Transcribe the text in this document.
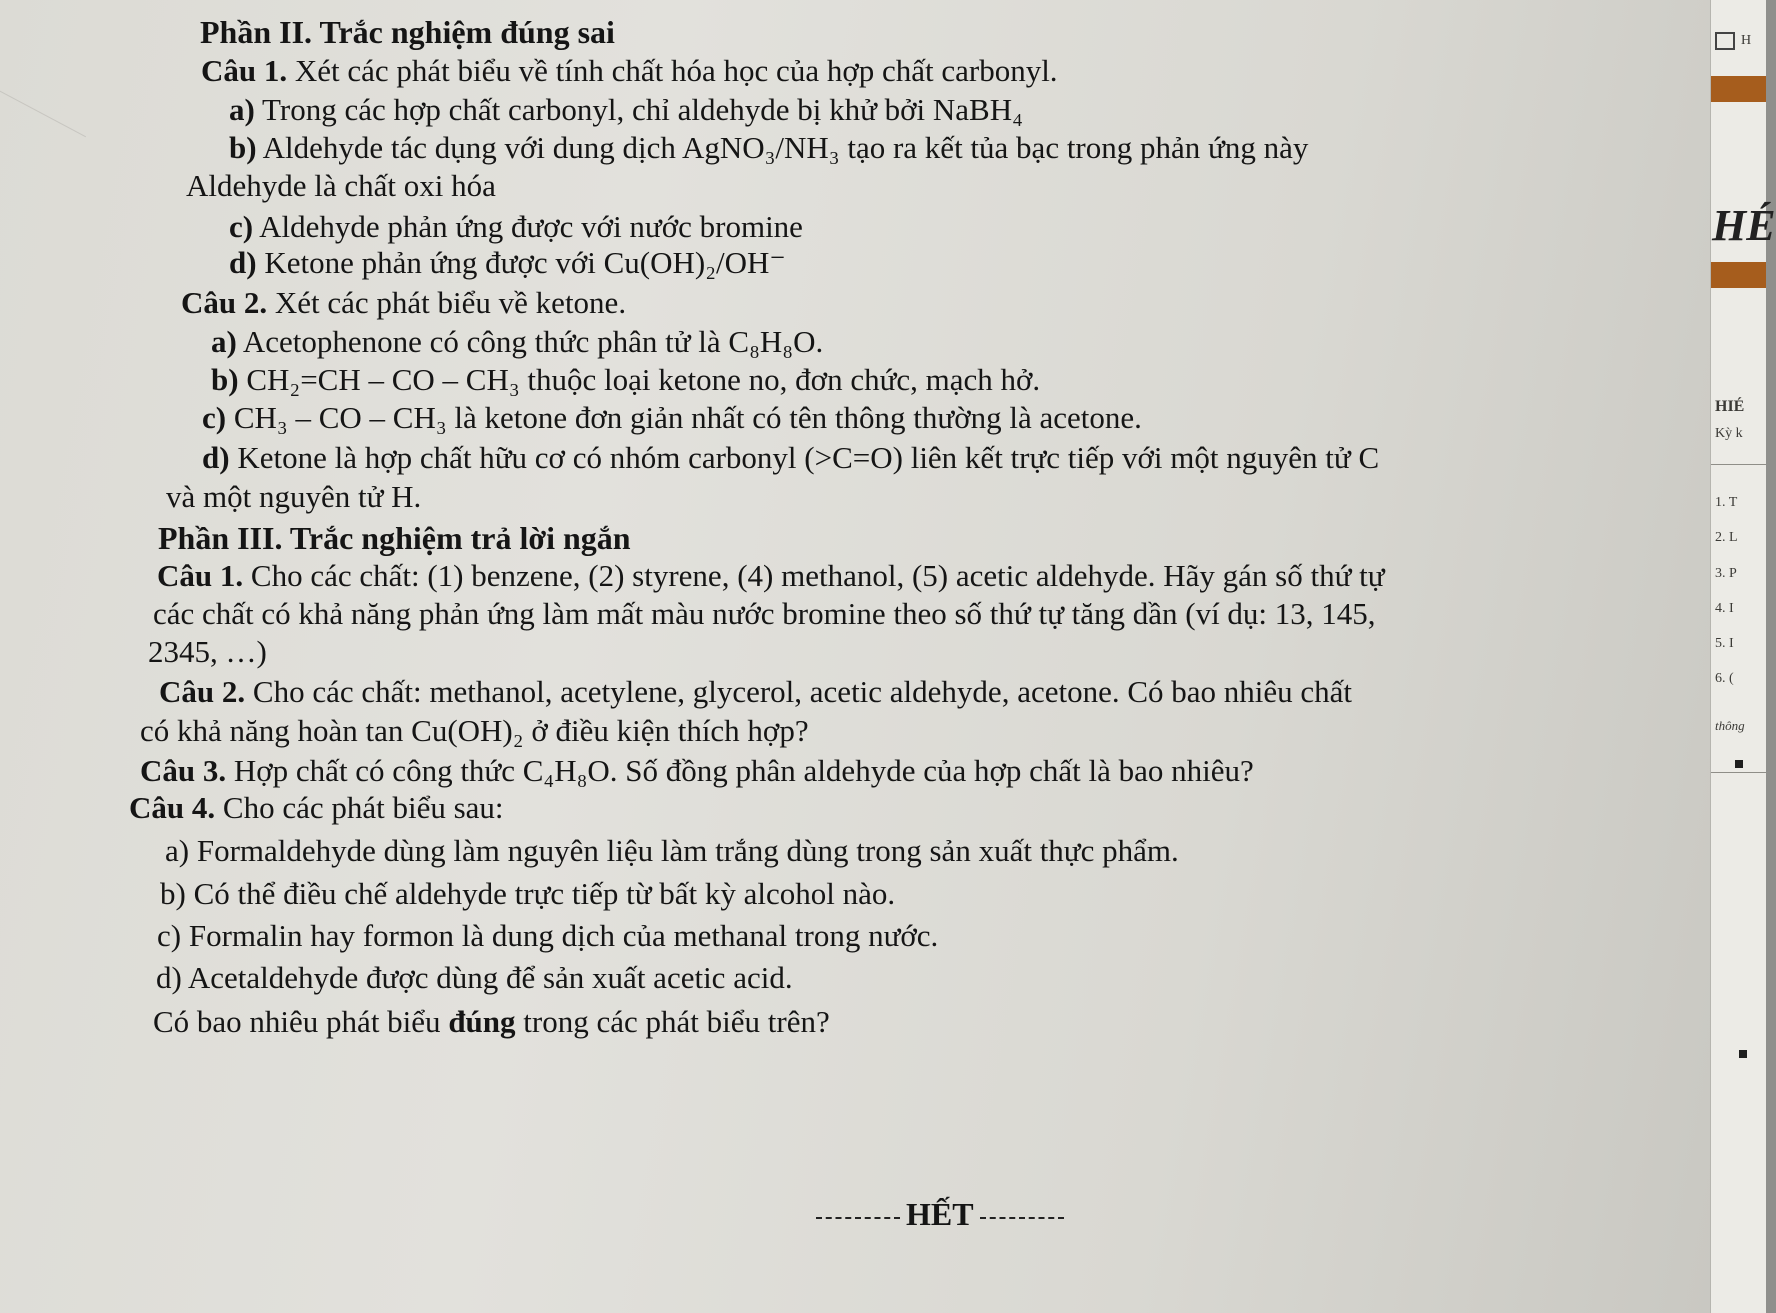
Phần II. Trắc nghiệm đúng sai
Câu 1. Xét các phát biểu về tính chất hóa học của hợp chất carbonyl.
a) Trong các hợp chất carbonyl, chỉ aldehyde bị khử bởi NaBH₄
b) Aldehyde tác dụng với dung dịch AgNO₃/NH₃ tạo ra kết tủa bạc trong phản ứng này
Aldehyde là chất oxi hóa
c) Aldehyde phản ứng được với nước bromine
d) Ketone phản ứng được với Cu(OH)₂/OH⁻
Câu 2. Xét các phát biểu về ketone.
a) Acetophenone có công thức phân tử là C₈H₈O.
b) CH₂=CH – CO – CH₃ thuộc loại ketone no, đơn chức, mạch hở.
c) CH₃ – CO – CH₃ là ketone đơn giản nhất có tên thông thường là acetone.
d) Ketone là hợp chất hữu cơ có nhóm carbonyl (>C=O) liên kết trực tiếp với một nguyên tử C
và một nguyên tử H.
Phần III. Trắc nghiệm trả lời ngắn
Câu 1. Cho các chất: (1) benzene, (2) styrene, (4) methanol, (5) acetic aldehyde. Hãy gán số thứ tự
các chất có khả năng phản ứng làm mất màu nước bromine theo số thứ tự tăng dần (ví dụ: 13, 145,
2345, …)
Câu 2. Cho các chất: methanol, acetylene, glycerol, acetic aldehyde, acetone. Có bao nhiêu chất
có khả năng hoàn tan Cu(OH)₂ ở điều kiện thích hợp?
Câu 3. Hợp chất có công thức C₄H₈O. Số đồng phân aldehyde của hợp chất là bao nhiêu?
Câu 4. Cho các phát biểu sau:
a) Formaldehyde dùng làm nguyên liệu làm trắng dùng trong sản xuất thực phẩm.
b) Có thể điều chế aldehyde trực tiếp từ bất kỳ alcohol nào.
c) Formalin hay formon là dung dịch của methanal trong nước.
d) Acetaldehyde được dùng để sản xuất acetic acid.
Có bao nhiêu phát biểu đúng trong các phát biểu trên?
HẾT
H
HÉ
HIÉ
Kỳ k
1. T
2. L
3. P
4. I
5. I
6. (
thông
